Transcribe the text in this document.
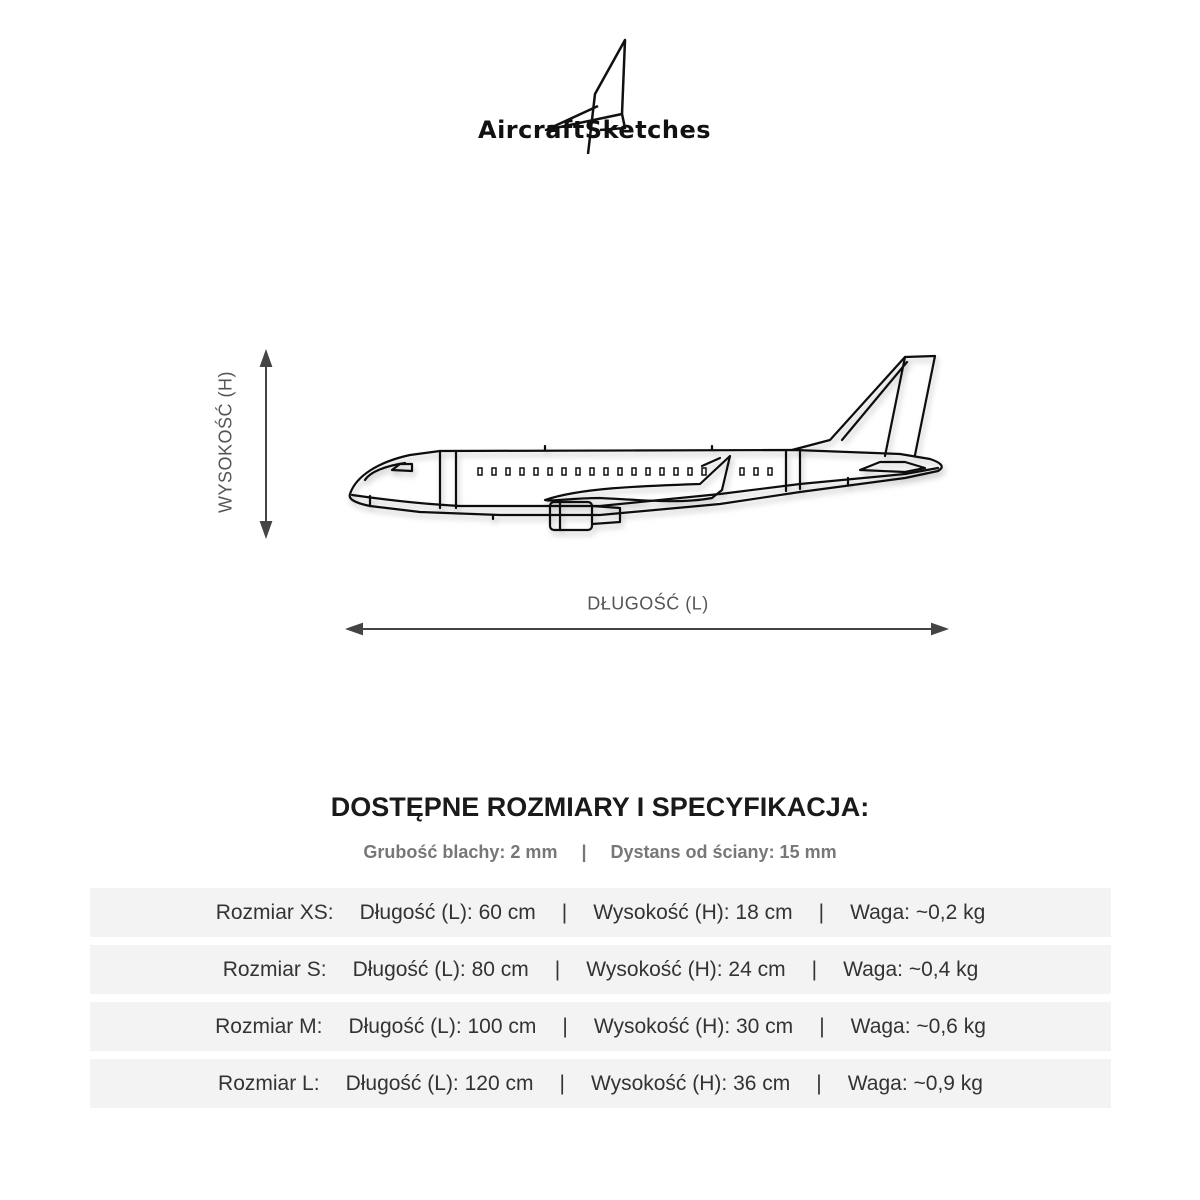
AircraftSketches
WYSOKOŚĆ (H)
DŁUGOŚĆ (L)
DOSTĘPNE ROZMIARY I SPECYFIKACJA:
Grubość blachy: 2 mm | Dystans od ściany: 15 mm
Rozmiar XS: Długość (L): 60 cm | Wysokość (H): 18 cm | Waga: ~0,2 kg
Rozmiar S: Długość (L): 80 cm | Wysokość (H): 24 cm | Waga: ~0,4 kg
Rozmiar M: Długość (L): 100 cm | Wysokość (H): 30 cm | Waga: ~0,6 kg
Rozmiar L: Długość (L): 120 cm | Wysokość (H): 36 cm | Waga: ~0,9 kg
